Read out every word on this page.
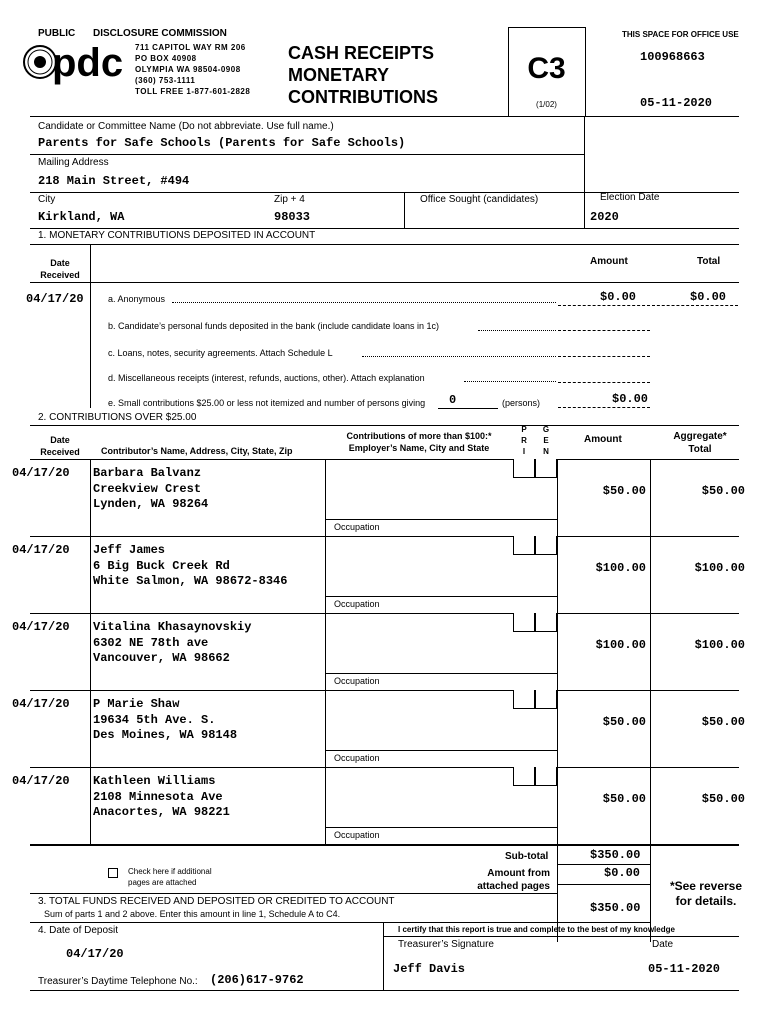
PUBLIC DISCLOSURE COMMISSION
pdc 711 CAPITOL WAY RM 206
PO BOX 40908
OLYMPIA WA 98504-0908
(360) 753-1111
TOLL FREE 1-877-601-2828
CASH RECEIPTS
MONETARY
CONTRIBUTIONS
C3
(1/02)
THIS SPACE FOR OFFICE USE
100968663
05-11-2020
Candidate or Committee Name (Do not abbreviate. Use full name.)
Parents for Safe Schools (Parents for Safe Schools)
Mailing Address
218 Main Street, #494
City
Kirkland, WA
Zip + 4
98033
Office Sought (candidates)	Election Date
2020
1. MONETARY CONTRIBUTIONS DEPOSITED IN ACCOUNT
Date
Received
Amount	Total
04/17/20	a. Anonymous	$0.00	$0.00
b. Candidate’s personal funds deposited in the bank (include candidate loans in 1c)
c. Loans, notes, security agreements. Attach Schedule L
d. Miscellaneous receipts (interest, refunds, auctions, other). Attach explanation
e. Small contributions $25.00 or less not itemized and number of persons giving 0	(persons)	$0.00
2. CONTRIBUTIONS OVER $25.00
Date
Received	Contributor’s Name, Address, City, State, Zip
Contributions of more than $100:*
Employer’s Name, City and State
P
R
I
G
E
N
Amount	Aggregate*
Total
04/17/20 Barbara Balvanz
Creekview Crest
Lynden, WA 98264
$50.00	$50.00
Occupation
04/17/20 Jeff James
6 Big Buck Creek Rd
White Salmon, WA 98672-8346
$100.00	$100.00
Occupation
04/17/20 Vitalina Khasaynovskiy
6302 NE 78th ave
Vancouver, WA 98662
$100.00	$100.00
Occupation
04/17/20 P Marie Shaw
19634 5th Ave. S.
Des Moines, WA 98148
$50.00	$50.00
Occupation
04/17/20 Kathleen Williams
2108 Minnesota Ave
Anacortes, WA 98221
$50.00	$50.00
Occupation
Check here if additional
pages are attached
Sub-total	$350.00
Amount from
attached pages
$0.00
3. TOTAL FUNDS RECEIVED AND DEPOSITED OR CREDITED TO ACCOUNT
Sum of parts 1 and 2 above. Enter this amount in line 1, Schedule A to C4.	$350.00
*See reverse
for details.
4. Date of Deposit
04/17/20
I certify that this report is true and complete to the best of my knowledge
Treasurer’s Signature	Date
Jeff Davis	05-11-2020
Treasurer’s Daytime Telephone No.: (206)617-9762
